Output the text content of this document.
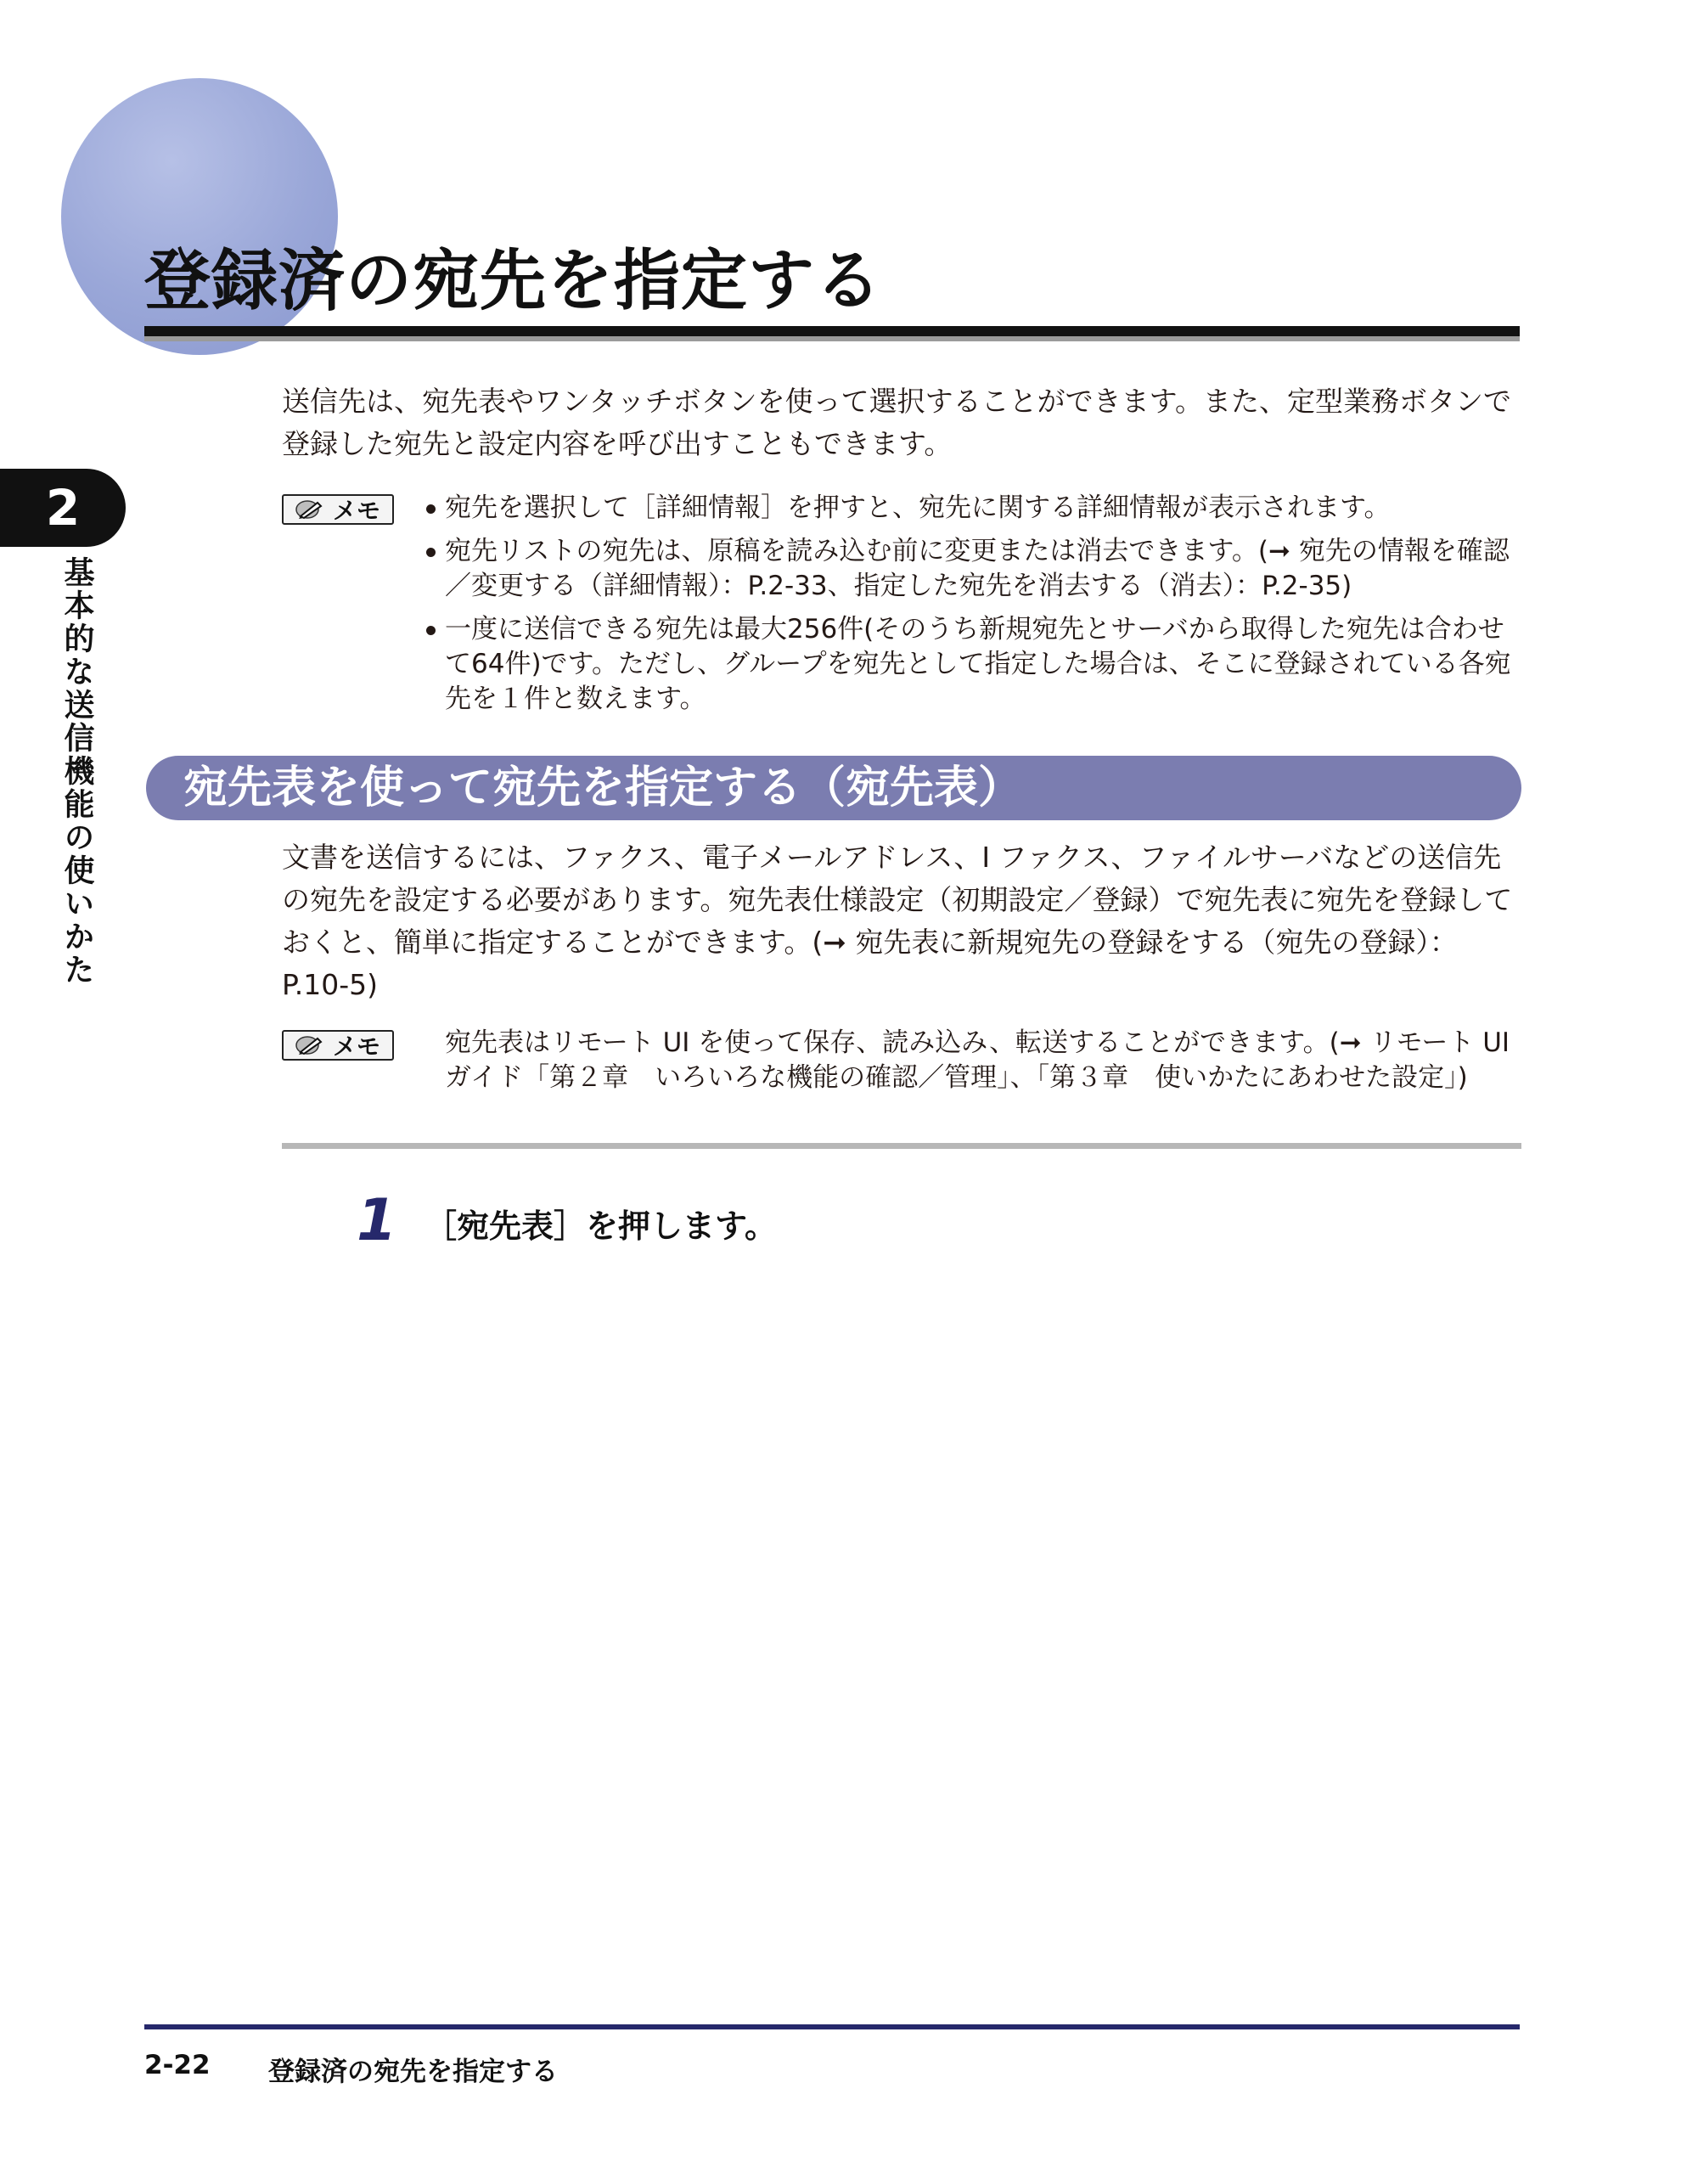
登録済の宛先を指定する
2
基本的な送信機能の使いかた

送信先は、宛先表やワンタッチボタンを使って選択することができます。また、定型業務ボタンで登録した宛先と設定内容を呼び出すこともできます。

メモ	宛先を選択して［詳細情報］を押すと、宛先に関する詳細情報が表示されます。
宛先リストの宛先は、原稿を読み込む前に変更または消去できます。(➞ 宛先の情報を確認／変更する（詳細情報）：P.2-33、指定した宛先を消去する（消去）：P.2-35)
一度に送信できる宛先は最大256件(そのうち新規宛先とサーバから取得した宛先は合わせて64件)です。ただし、グループを宛先として指定した場合は、そこに登録されている各宛先を１件と数えます。
宛先表を使って宛先を指定する（宛先表）

文書を送信するには、ファクス、電子メールアドレス、I ファクス、ファイルサーバなどの送信先の宛先を設定する必要があります。宛先表仕様設定（初期設定／登録）で宛先表に宛先を登録しておくと、簡単に指定することができます。(➞ 宛先表に新規宛先の登録をする（宛先の登録）：P.10-5)

メモ 宛先表はリモート UI を使って保存、読み込み、転送することができます。(➞ リモート UI ガイド「第２章　いろいろな機能の確認／管理」、「第３章　使いかたにあわせた設定」)

1 ［宛先表］を押します。
2-22 登録済の宛先を指定する
